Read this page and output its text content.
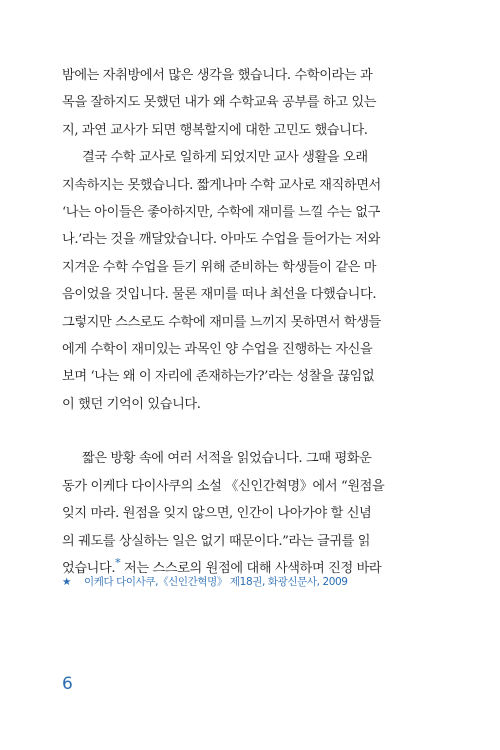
밤에는 자취방에서 많은 생각을 했습니다. 수학이라는 과
목을 잘하지도 못했던 내가 왜 수학교육 공부를 하고 있는
지, 과연 교사가 되면 행복할지에 대한 고민도 했습니다.

결국 수학 교사로 일하게 되었지만 교사 생활을 오래
지속하지는 못했습니다. 짧게나마 수학 교사로 재직하면서
‘나는 아이들은 좋아하지만, 수학에 재미를 느낄 수는 없구
나.’라는 것을 깨달았습니다. 아마도 수업을 들어가는 저와
지겨운 수학 수업을 듣기 위해 준비하는 학생들이 같은 마
음이었을 것입니다. 물론 재미를 떠나 최선을 다했습니다.
그렇지만 스스로도 수학에 재미를 느끼지 못하면서 학생들
에게 수학이 재미있는 과목인 양 수업을 진행하는 자신을
보며 ‘나는 왜 이 자리에 존재하는가?’라는 성찰을 끊임없
이 했던 기억이 있습니다.

짧은 방황 속에 여러 서적을 읽었습니다. 그때 평화운
동가 이케다 다이사쿠의 소설 《신인간혁명》에서 “원점을
잊지 마라. 원점을 잊지 않으면, 인간이 나아가야 할 신념
의 궤도를 상실하는 일은 없기 때문이다.”라는 글귀를 읽
었습니다.* 저는 스스로의 원점에 대해 사색하며 진정 바라

★ 이케다 다이사쿠,《신인간혁명》 제18권, 화광신문사, 2009
6
